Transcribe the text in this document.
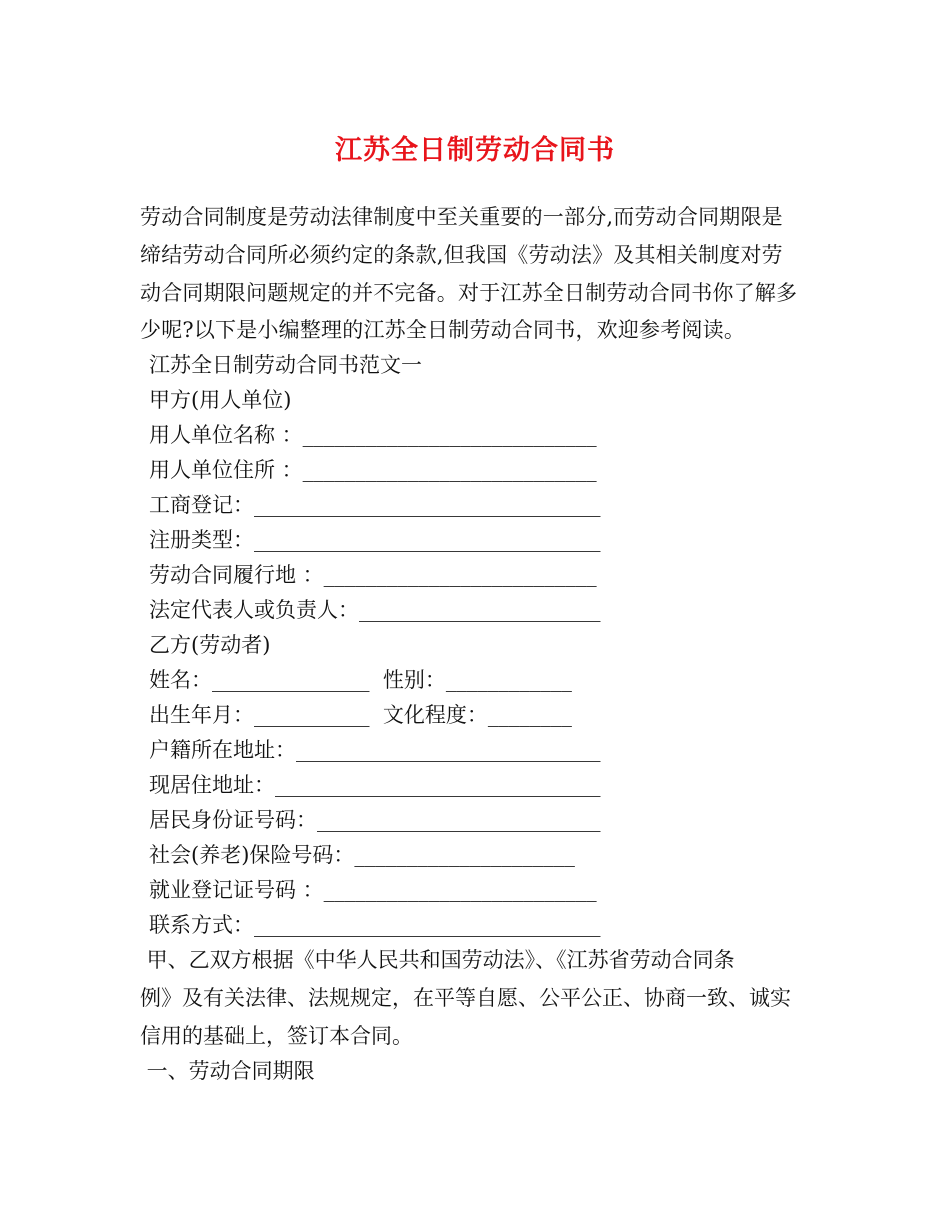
江苏全日制劳动合同书
劳动合同制度是劳动法律制度中至关重要的一部分,而劳动合同期限是
缔结劳动合同所必须约定的条款,但我国《劳动法》及其相关制度对劳
动合同期限问题规定的并不完备。对于江苏全日制劳动合同书你了解多
少呢?以下是小编整理的江苏全日制劳动合同书，欢迎参考阅读。
江苏全日制劳动合同书范文一
甲方(用人单位)
用人单位名称 ：____________________________
用人单位住所 ：____________________________
工商登记：_________________________________
注册类型：_________________________________
劳动合同履行地 ：__________________________
法定代表人或负责人：_______________________
乙方(劳动者)
姓名：_______________  性别：____________
出生年月：___________  文化程度：________
户籍所在地址：_____________________________
现居住地址：_______________________________
居民身份证号码：___________________________
社会(养老)保险号码：_____________________
就业登记证号码 ：__________________________
联系方式：_________________________________
甲、乙双方根据《中华人民共和国劳动法》、《江苏省劳动合同条
例》及有关法律、法规规定，在平等自愿、公平公正、协商一致、诚实
信用的基础上，签订本合同。
一、劳动合同期限
